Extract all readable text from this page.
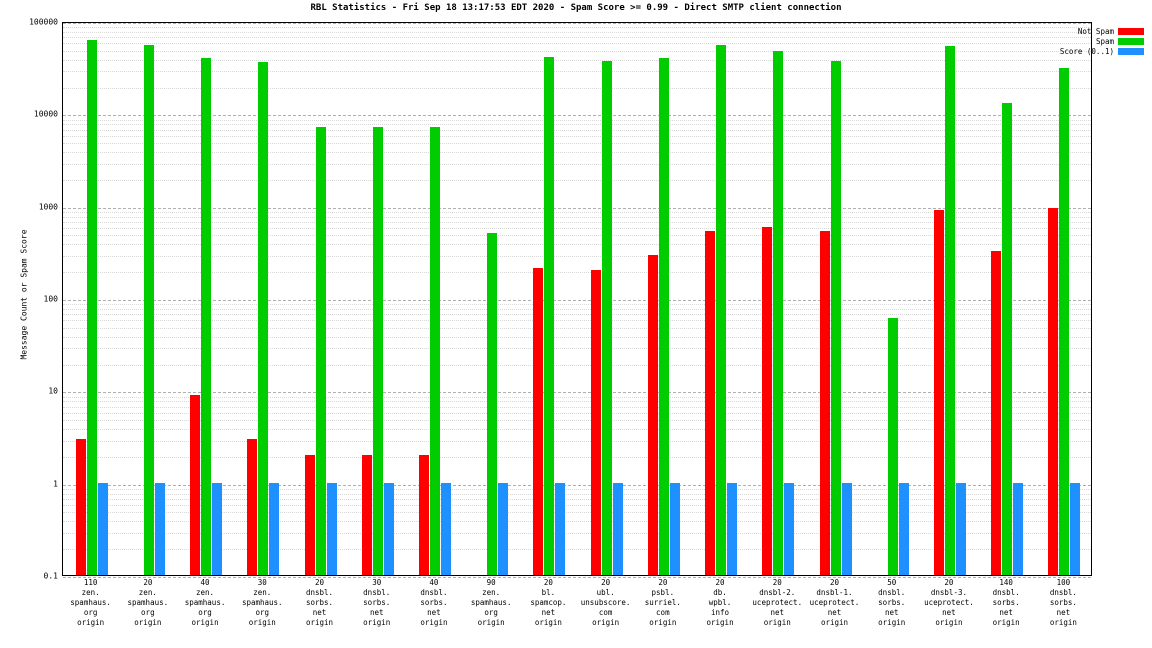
RBL Statistics - Fri Sep 18 13:17:53 EDT 2020 - Spam Score >= 0.99 - Direct SMTP client connection
Message Count or Spam Score
0.1
1
10
100
1000
10000
100000
110
zen.
spamhaus.
org
origin
20
zen.
spamhaus.
org
origin
40
zen.
spamhaus.
org
origin
30
zen.
spamhaus.
org
origin
20
dnsbl.
sorbs.
net
origin
30
dnsbl.
sorbs.
net
origin
40
dnsbl.
sorbs.
net
origin
90
zen.
spamhaus.
org
origin
20
bl.
spamcop.
net
origin
20
ubl.
unsubscore.
com
origin
20
psbl.
surriel.
com
origin
20
db.
wpbl.
info
origin
20
dnsbl-2.
uceprotect.
net
origin
20
dnsbl-1.
uceprotect.
net
origin
50
dnsbl.
sorbs.
net
origin
20
dnsbl-3.
uceprotect.
net
origin
140
dnsbl.
sorbs.
net
origin
100
dnsbl.
sorbs.
net
origin
Not Spam
Spam
Score (0..1)
